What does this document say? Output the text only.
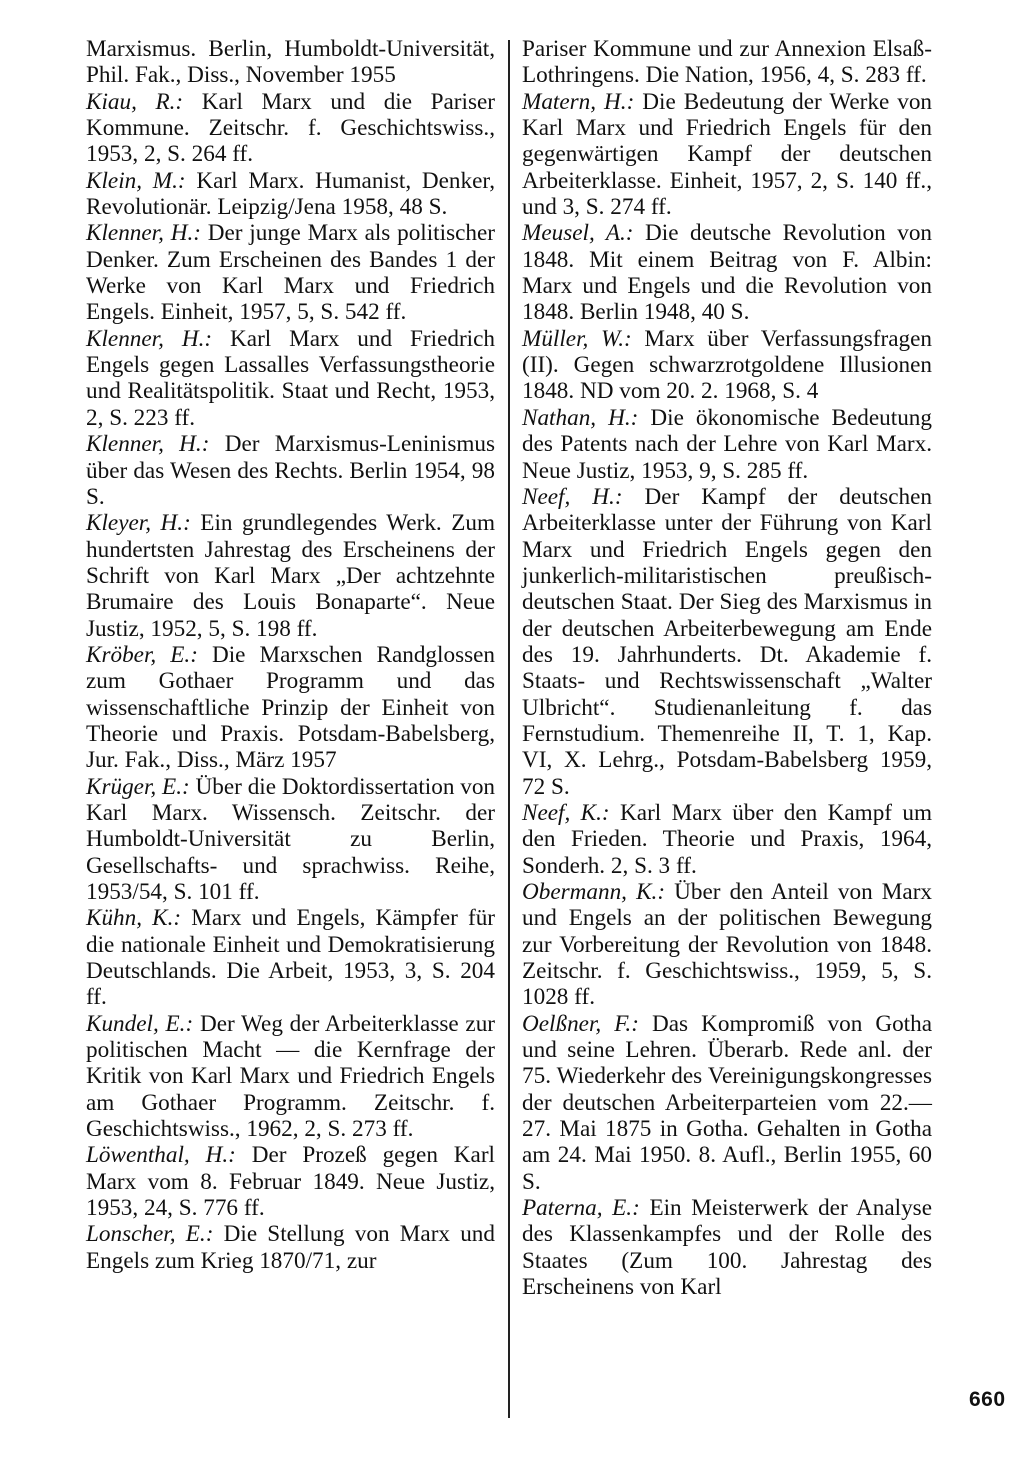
Marxismus. Berlin, Humboldt-Universität, Phil. Fak., Diss., November 1955

Kiau, R.: Karl Marx und die Pariser Kommune. Zeitschr. f. Geschichtswiss., 1953, 2, S. 264 ff.

Klein, M.: Karl Marx. Humanist, Denker, Revolutionär. Leipzig/Jena 1958, 48 S.

Klenner, H.: Der junge Marx als politischer Denker. Zum Erscheinen des Bandes 1 der Werke von Karl Marx und Friedrich Engels. Einheit, 1957, 5, S. 542 ff.

Klenner, H.: Karl Marx und Friedrich Engels gegen Lassalles Verfassungstheorie und Realitätspolitik. Staat und Recht, 1953, 2, S. 223 ff.

Klenner, H.: Der Marxismus-Leninismus über das Wesen des Rechts. Berlin 1954, 98 S.

Kleyer, H.: Ein grundlegendes Werk. Zum hundertsten Jahrestag des Erscheinens der Schrift von Karl Marx „Der achtzehnte Brumaire des Louis Bonaparte“. Neue Justiz, 1952, 5, S. 198 ff.

Kröber, E.: Die Marxschen Randglossen zum Gothaer Programm und das wissenschaftliche Prinzip der Einheit von Theorie und Praxis. Potsdam-Babelsberg, Jur. Fak., Diss., März 1957

Krüger, E.: Über die Doktordissertation von Karl Marx. Wissensch. Zeitschr. der Humboldt-Universität zu Berlin, Gesellschafts- und sprachwiss. Reihe, 1953/54, S. 101 ff.

Kühn, K.: Marx und Engels, Kämpfer für die nationale Einheit und Demokratisierung Deutschlands. Die Arbeit, 1953, 3, S. 204 ff.

Kundel, E.: Der Weg der Arbeiterklasse zur politischen Macht — die Kernfrage der Kritik von Karl Marx und Friedrich Engels am Gothaer Programm. Zeitschr. f. Geschichtswiss., 1962, 2, S. 273 ff.

Löwenthal, H.: Der Prozeß gegen Karl Marx vom 8. Februar 1849. Neue Justiz, 1953, 24, S. 776 ff.

Lonscher, E.: Die Stellung von Marx und Engels zum Krieg 1870/71, zur

Pariser Kommune und zur Annexion Elsaß-Lothringens. Die Nation, 1956, 4, S. 283 ff.

Matern, H.: Die Bedeutung der Werke von Karl Marx und Friedrich Engels für den gegenwärtigen Kampf der deutschen Arbeiterklasse. Einheit, 1957, 2, S. 140 ff., und 3, S. 274 ff.

Meusel, A.: Die deutsche Revolution von 1848. Mit einem Beitrag von F. Albin: Marx und Engels und die Revolution von 1848. Berlin 1948, 40 S.

Müller, W.: Marx über Verfassungsfragen (II). Gegen schwarzrotgoldene Illusionen 1848. ND vom 20. 2. 1968, S. 4

Nathan, H.: Die ökonomische Bedeutung des Patents nach der Lehre von Karl Marx. Neue Justiz, 1953, 9, S. 285 ff.

Neef, H.: Der Kampf der deutschen Arbeiterklasse unter der Führung von Karl Marx und Friedrich Engels gegen den junkerlich-militaristischen preußisch-deutschen Staat. Der Sieg des Marxismus in der deutschen Arbeiterbewegung am Ende des 19. Jahrhunderts. Dt. Akademie f. Staats- und Rechtswissenschaft „Walter Ulbricht“. Studienanleitung f. das Fernstudium. Themenreihe II, T. 1, Kap. VI, X. Lehrg., Potsdam-Babelsberg 1959, 72 S.

Neef, K.: Karl Marx über den Kampf um den Frieden. Theorie und Praxis, 1964, Sonderh. 2, S. 3 ff.

Obermann, K.: Über den Anteil von Marx und Engels an der politischen Bewegung zur Vorbereitung der Revolution von 1848. Zeitschr. f. Geschichtswiss., 1959, 5, S. 1028 ff.

Oelßner, F.: Das Kompromiß von Gotha und seine Lehren. Überarb. Rede anl. der 75. Wiederkehr des Vereinigungskongresses der deutschen Arbeiterparteien vom 22.—27. Mai 1875 in Gotha. Gehalten in Gotha am 24. Mai 1950. 8. Aufl., Berlin 1955, 60 S.

Paterna, E.: Ein Meisterwerk der Analyse des Klassenkampfes und der Rolle des Staates (Zum 100. Jahrestag des Erscheinens von Karl

660
